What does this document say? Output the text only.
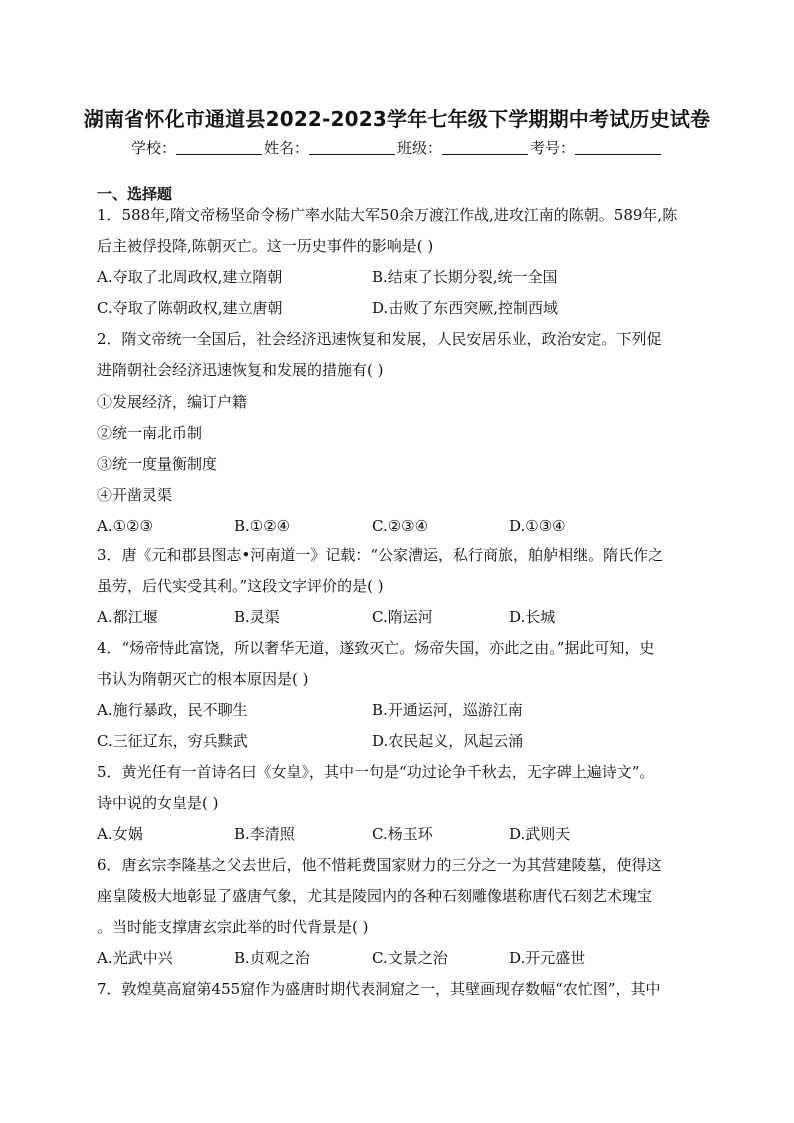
湖南省怀化市通道县2022-2023学年七年级下学期期中考试历史试卷
学校：	姓名：	班级：	考号：
一、选择题
1．588年,隋文帝杨坚命令杨广率水陆大军50余万渡江作战,进攻江南的陈朝。589年,陈
后主被俘投降,陈朝灭亡。这一历史事件的影响是( )
A.夺取了北周政权,建立隋朝	B.结束了长期分裂,统一全国
C.夺取了陈朝政权,建立唐朝	D.击败了东西突厥,控制西域
2．隋文帝统一全国后，社会经济迅速恢复和发展，人民安居乐业，政治安定。下列促
进隋朝社会经济迅速恢复和发展的措施有( )
①发展经济，编订户籍
②统一南北币制
③统一度量衡制度
④开凿灵渠
A.①②③	B.①②④	C.②③④	D.①③④
3．唐《元和郡县图志•河南道一》记载：“公家漕运，私行商旅，舶舻相继。隋氏作之
虽劳，后代实受其利。”这段文字评价的是( )
A.都江堰	B.灵渠	C.隋运河	D.长城
4．“炀帝恃此富饶，所以奢华无道，遂致灭亡。炀帝失国，亦此之由。”据此可知，史
书认为隋朝灭亡的根本原因是( )
A.施行暴政，民不聊生	B.开通运河，巡游江南
C.三征辽东，穷兵黩武	D.农民起义，风起云涌
5．黄光任有一首诗名曰《女皇》，其中一句是“功过论争千秋去，无字碑上遍诗文”。
诗中说的女皇是( )
A.女娲	B.李清照	C.杨玉环	D.武则天
6．唐玄宗李隆基之父去世后，他不惜耗费国家财力的三分之一为其营建陵墓，使得这
座皇陵极大地彰显了盛唐气象，尤其是陵园内的各种石刻雕像堪称唐代石刻艺术瑰宝
。当时能支撑唐玄宗此举的时代背景是( )
A.光武中兴	B.贞观之治	C.文景之治	D.开元盛世
7．敦煌莫高窟第455窟作为盛唐时期代表洞窟之一，其壁画现存数幅“农忙图”，其中
